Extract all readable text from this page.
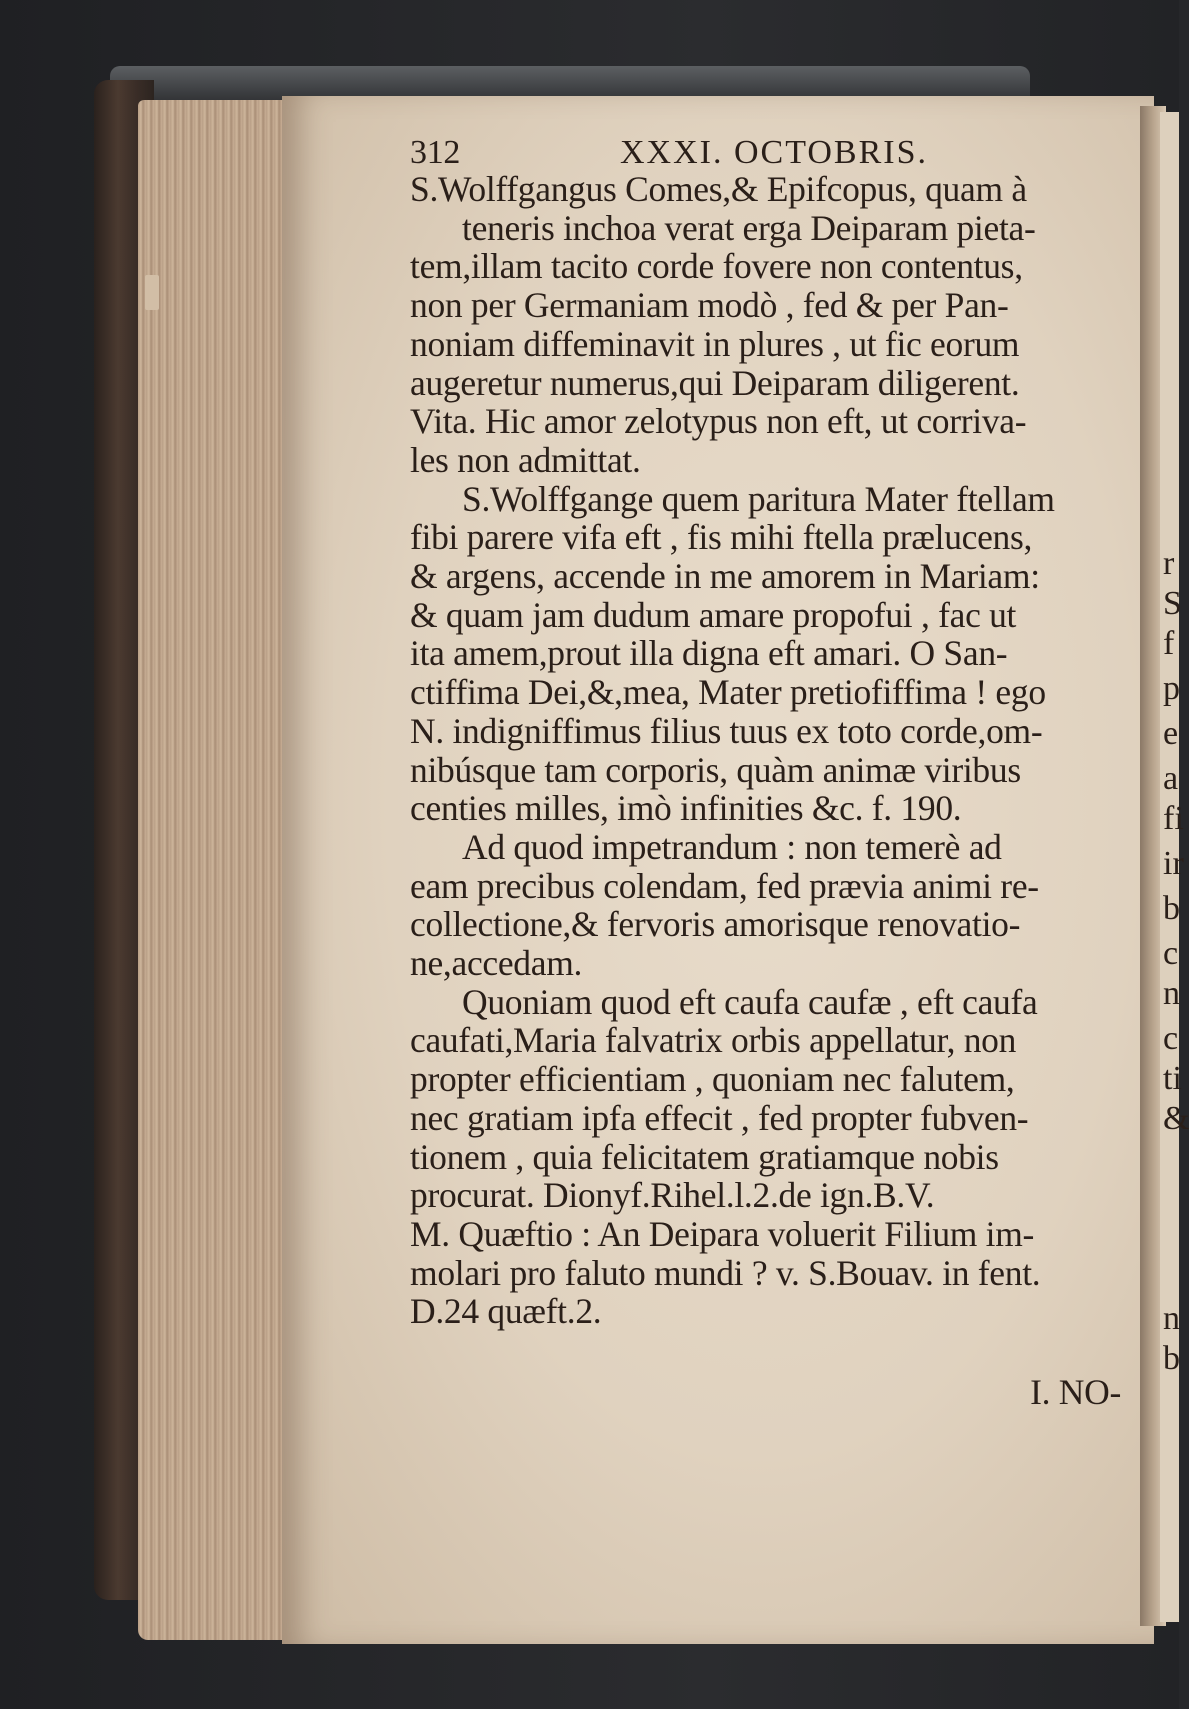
312	XXXI. OCTOBRIS.
S.Wolffgangus Comes,& Epifcopus, quam à
teneris inchoa verat erga Deiparam pieta-
tem,illam tacito corde fovere non contentus,
non per Germaniam modò , fed & per Pan-
noniam diffeminavit in plures , ut fic eorum
augeretur numerus,qui Deiparam diligerent.
Vita. Hic amor zelotypus non eft, ut corriva-
les non admittat.
S.Wolffgange quem paritura Mater ftellam
fibi parere vifa eft , fis mihi ftella prælucens,
& argens, accende in me amorem in Mariam:
& quam jam dudum amare propofui , fac ut
ita amem,prout illa digna eft amari. O San-
ctiffima Dei,&,mea, Mater pretiofiffima ! ego
N. indigniffimus filius tuus ex toto corde,om-
nibúsque tam corporis, quàm animæ viribus
centies milles, imò infinities &c. f. 190.
Ad quod impetrandum : non temerè ad
eam precibus colendam, fed prævia animi re-
collectione,& fervoris amorisque renovatio-
ne,accedam.
Quoniam quod eft caufa caufæ , eft caufa
caufati,Maria falvatrix orbis appellatur, non
propter efficientiam , quoniam nec falutem,
nec gratiam ipfa effecit , fed propter fubven-
tionem , quia felicitatem gratiamque nobis
procurat. Dionyf.Rihel.l.2.de ign.B.V.
M. Quæftio : An Deipara voluerit Filium im-
molari pro faluto mundi ? v. S.Bouav. in fent.
D.24 quæft.2.
I. NO-
r
S
f
p
e
a
fi
ir
b
c
n
c
ti
&
n
b
